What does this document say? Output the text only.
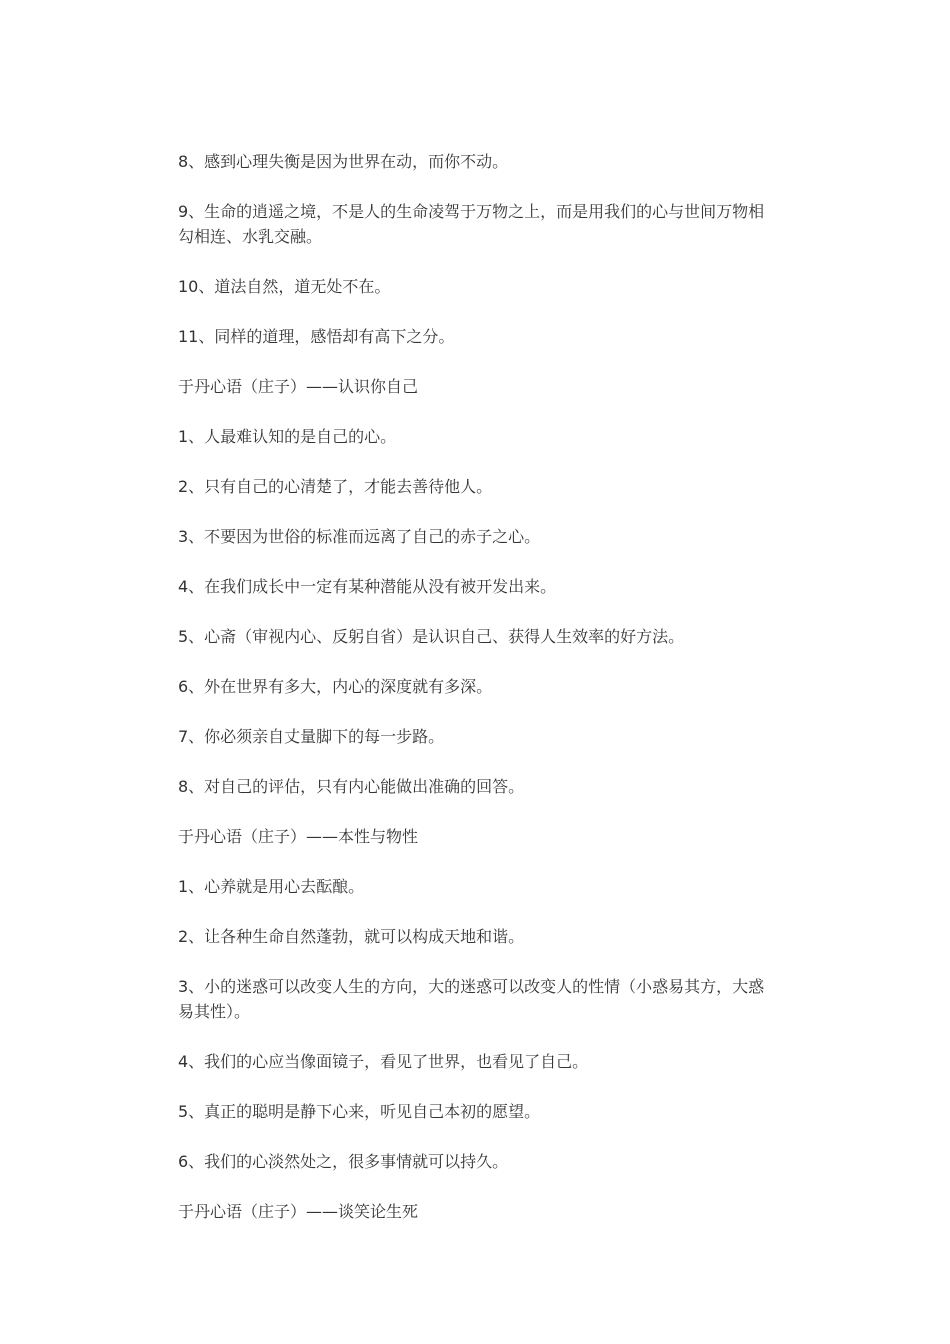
8、感到心理失衡是因为世界在动，而你不动。

9、生命的逍遥之境，不是人的生命凌驾于万物之上，而是用我们的心与世间万物相勾相连、水乳交融。

10、道法自然，道无处不在。

11、同样的道理，感悟却有高下之分。

于丹心语（庄子）——认识你自己

1、人最难认知的是自己的心。

2、只有自己的心清楚了，才能去善待他人。

3、不要因为世俗的标准而远离了自己的赤子之心。

4、在我们成长中一定有某种潜能从没有被开发出来。

5、心斋（审视内心、反躬自省）是认识自己、获得人生效率的好方法。

6、外在世界有多大，内心的深度就有多深。

7、你必须亲自丈量脚下的每一步路。

8、对自己的评估，只有内心能做出准确的回答。

于丹心语（庄子）——本性与物性

1、心养就是用心去酝酿。

2、让各种生命自然蓬勃，就可以构成天地和谐。

3、小的迷惑可以改变人生的方向，大的迷惑可以改变人的性情（小惑易其方，大惑易其性）。

4、我们的心应当像面镜子，看见了世界，也看见了自己。

5、真正的聪明是静下心来，听见自己本初的愿望。

6、我们的心淡然处之，很多事情就可以持久。

于丹心语（庄子）——谈笑论生死
